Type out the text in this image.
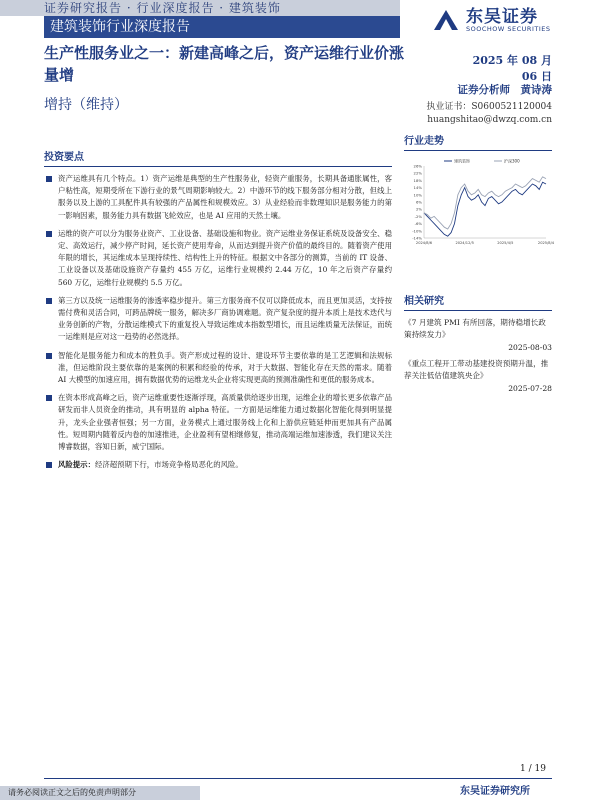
证券研究报告 · 行业深度报告 · 建筑装饰
建筑装饰行业深度报告
生产性服务业之一：新建高峰之后，资产运维行业价涨量增
增持（维持）
东吴证券
SOOCHOW SECURITIES
2025 年 08 月 06 日
证券分析师　黄诗涛
执业证书：S0600521120004
huangshitao@dwzq.com.cn
投资要点
资产运维具有几个特点。1）资产运维是典型的生产性服务业，轻资产重服务，长期具备通胀属性，客户粘性高，短期受所在下游行业的景气周期影响较大。2）中游环节的线下服务部分相对分散，但线上服务以及上游的工具配件具有较强的产品属性和规模效应。3）从业经验而非数理知识是服务能力的第一影响因素，服务能力具有数据飞轮效应，也是 AI 应用的天然土壤。
运维的资产可以分为服务业资产、工业设备、基础设施和物业。资产运维业务保证系统及设备安全、稳定、高效运行，减少停产时间，延长资产使用寿命，从而达到提升资产价值的最终目的。随着资产使用年限的增长，其运维成本呈现持续性、结构性上升的特征。根据文中各部分的测算，当前的 IT 设备、工业设备以及基础设施资产存量约 455 万亿，运维行业规模约 2.44 万亿，10 年之后资产存量约 560 万亿，运维行业规模约 5.5 万亿。
第三方以及统一运维服务的渗透率稳步提升。第三方服务商不仅可以降低成本，而且更加灵活，支持按需付费和灵活合同，可跨品牌统一服务，解决多厂商协调难题。资产复杂度的提升本质上是技术迭代与业务创新的产物，分散运维模式下的重复投入导致运维成本指数型增长，而且运维质量无法保证，而统一运维则是应对这一趋势的必然选择。
智能化是服务能力和成本的胜负手。资产形成过程的设计、建设环节主要依靠的是工艺逻辑和法规标准，但运维阶段主要依靠的是案例的积累和经验的传承，对于大数据、智能化存在天然的需求。随着 AI 大模型的加速应用，拥有数据优势的运维龙头企业将实现更高的预测准确性和更低的服务成本。
在资本形成高峰之后，资产运维重要性逐渐浮现，高质量供给逐步出现，运维企业的增长更多依靠产品研发而非人员资金的推动，具有明显的 alpha 特征。一方面是运维能力通过数据化智能化得到明显提升，龙头企业强者恒强；另一方面，业务模式上通过服务线上化和上游供应链延伸而更加具有产品属性。短周期内随着反内卷的加速推进，企业盈利有望相继修复，推动高端运维加速渗透，我们建议关注博睿数据，容知日新，威宁国际。
风险提示：经济超预期下行，市场竞争格局恶化的风险。
行业走势
26%
22%
18%
14%
10%
6%
2%
-2%
-6%
-10%
-14%
2024/8/6	2024/12/5	2025/4/5	2025/8/4
建筑装饰	沪深300
相关研究
《7 月建筑 PMI 有所回落，期待稳增长政策持续发力》
2025-08-03
《重点工程开工带动基建投资预期升温，推荐关注低估值建筑央企》
2025-07-28
1 / 19
东吴证券研究所
请务必阅读正文之后的免责声明部分
